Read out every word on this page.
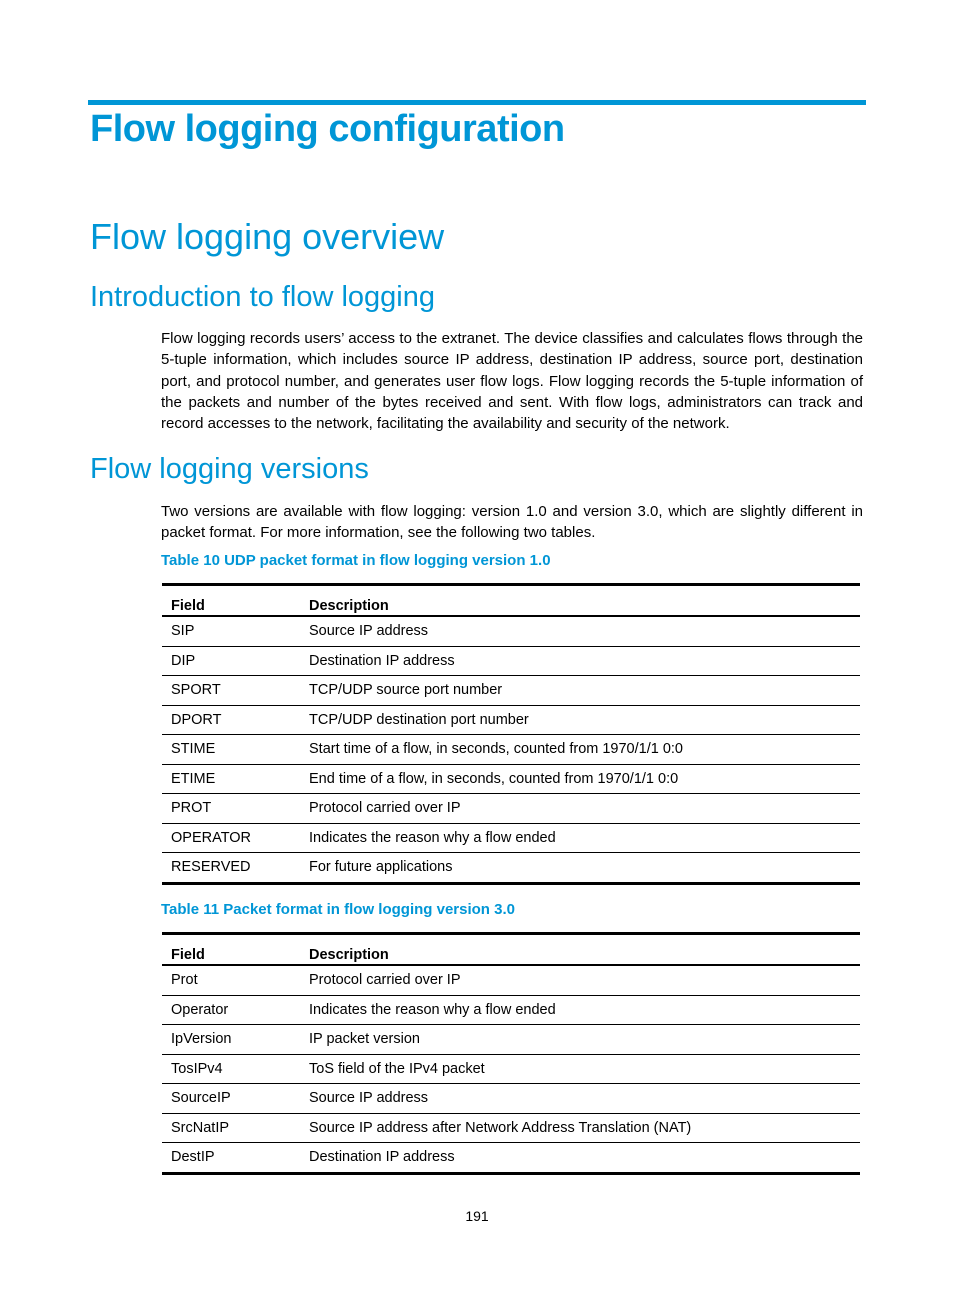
Flow logging configuration
Flow logging overview
Introduction to flow logging

Flow logging records users’ access to the extranet. The device classifies and calculates flows through the 5-tuple information, which includes source IP address, destination IP address, source port, destination port, and protocol number, and generates user flow logs. Flow logging records the 5-tuple information of the packets and number of the bytes received and sent. With flow logs, administrators can track and record accesses to the network, facilitating the availability and security of the network.

Flow logging versions

Two versions are available with flow logging: version 1.0 and version 3.0, which are slightly different in packet format. For more information, see the following two tables.

Table 10 UDP packet format in flow logging version 1.0

Field	Description
SIP	Source IP address
DIP	Destination IP address
SPORT	TCP/UDP source port number
DPORT	TCP/UDP destination port number
STIME	Start time of a flow, in seconds, counted from 1970/1/1 0:0
ETIME	End time of a flow, in seconds, counted from 1970/1/1 0:0
PROT	Protocol carried over IP
OPERATOR	Indicates the reason why a flow ended
RESERVED	For future applications

Table 11 Packet format in flow logging version 3.0

Field	Description
Prot	Protocol carried over IP
Operator	Indicates the reason why a flow ended
IpVersion	IP packet version
TosIPv4	ToS field of the IPv4 packet
SourceIP	Source IP address
SrcNatIP	Source IP address after Network Address Translation (NAT)
DestIP	Destination IP address
191
